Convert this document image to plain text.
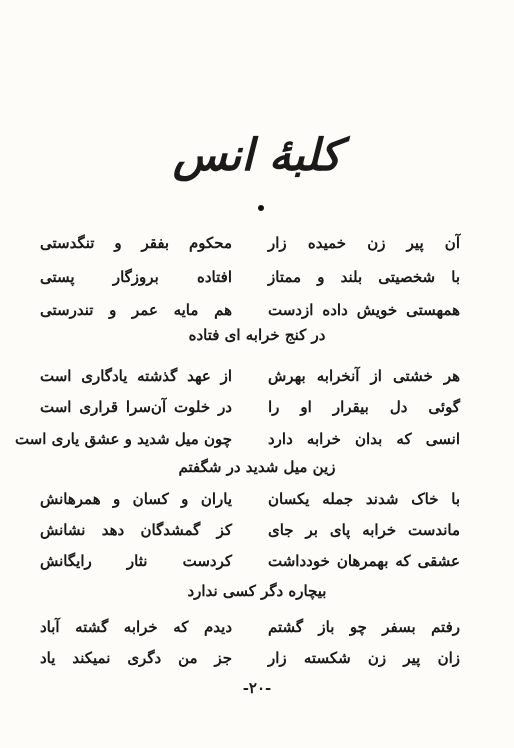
کلبهٔ انس
آن پیر زن خمیده زار
محکوم بفقر و تنگدستی
با شخصیتی بلند و ممتاز
افتاده بروزگار پستی
همهستی خویش داده ازدست
هم مایه عمر و تندرستی
در کنج خرابه ای فتاده
هر خشتی از آنخرابه بهرش
از عهد گذشته یادگاری است
گوئی دل بیقرار او را
در خلوت آن‌سرا قراری است
انسی که بدان خرابه دارد
چون میل شدید و عشق یاری است
زین میل شدید در شگفتم
با خاک شدند جمله یکسان
یاران و کسان و همرهانش
ماندست خرابه پای بر جای
کز گمشدگان دهد نشانش
عشقی که بهمرهان خودداشت
کردست نثار رایگانش
بیچاره دگر کسی ندارد
رفتم بسفر چو باز گشتم
دیدم که خرابه گشته آباد
زان پیر زن شکسته زار
جز من دگری نمیکند یاد
-۲۰-
